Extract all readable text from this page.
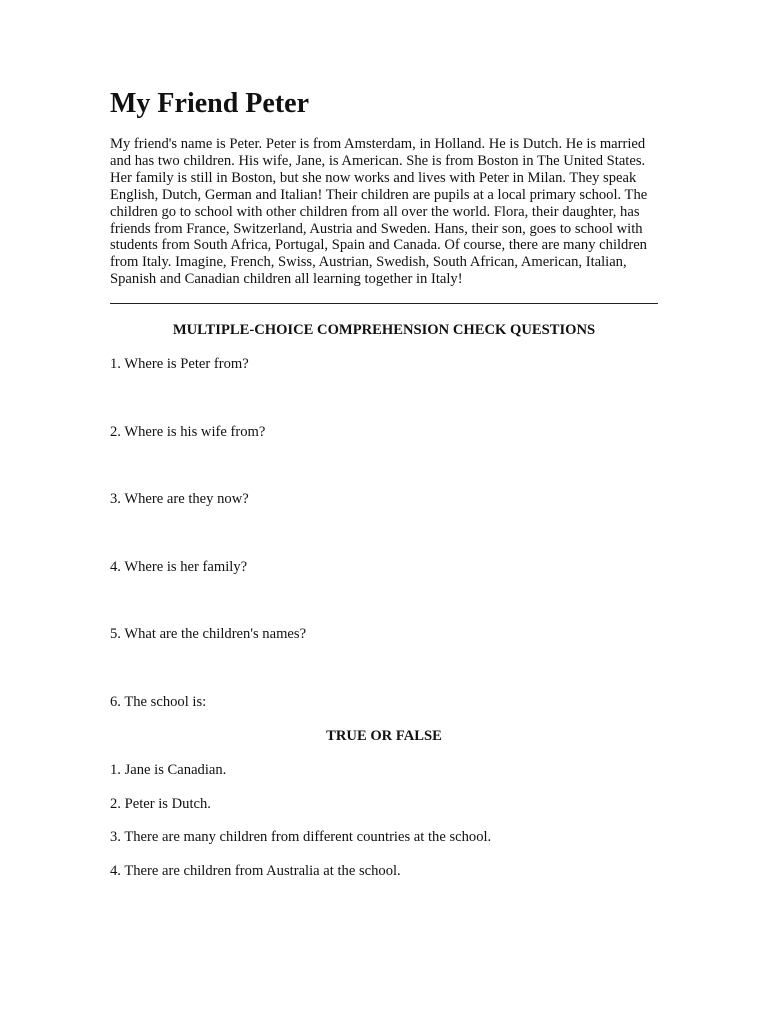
My Friend Peter

My friend's name is Peter. Peter is from Amsterdam, in Holland. He is Dutch. He is married and has two children. His wife, Jane, is American. She is from Boston in The United States. Her family is still in Boston, but she now works and lives with Peter in Milan. They speak English, Dutch, German and Italian! Their children are pupils at a local primary school. The children go to school with other children from all over the world. Flora, their daughter, has friends from France, Switzerland, Austria and Sweden. Hans, their son, goes to school with students from South Africa, Portugal, Spain and Canada. Of course, there are many children from Italy. Imagine, French, Swiss, Austrian, Swedish, South African, American, Italian, Spanish and Canadian children all learning together in Italy!

MULTIPLE-CHOICE COMPREHENSION CHECK QUESTIONS

1. Where is Peter from?

2. Where is his wife from?

3. Where are they now?

4. Where is her family?

5. What are the children's names?

6. The school is:

TRUE OR FALSE

1. Jane is Canadian.

2. Peter is Dutch.

3. There are many children from different countries at the school.

4. There are children from Australia at the school.
